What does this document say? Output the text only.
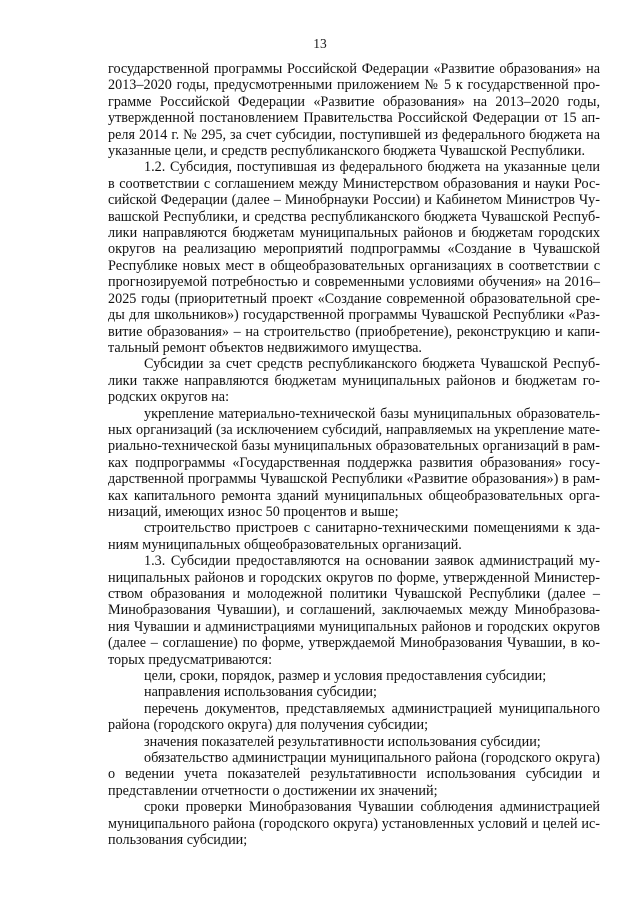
13

государственной программы Российской Федерации «Развитие образования» на 2013–2020 годы, предусмотренными приложением № 5 к государственной программе Российской Федерации «Развитие образования» на 2013–2020 годы, утвержденной постановлением Правительства Российской Федерации от 15 апреля 2014 г. № 295, за счет субсидии, поступившей из федерального бюджета на указанные цели, и средств республиканского бюджета Чувашской Республики.

1.2. Субсидия, поступившая из федерального бюджета на указанные цели в соответствии с соглашением между Министерством образования и науки Российской Федерации (далее – Минобрнауки России) и Кабинетом Министров Чувашской Республики, и средства республиканского бюджета Чувашской Республики направляются бюджетам муниципальных районов и бюджетам городских округов на реализацию мероприятий подпрограммы «Создание в Чувашской Республике новых мест в общеобразовательных организациях в соответствии с прогнозируемой потребностью и современными условиями обучения» на 2016–2025 годы (приоритетный проект «Создание современной образовательной среды для школьников») государственной программы Чувашской Республики «Развитие образования» – на строительство (приобретение), реконструкцию и капитальный ремонт объектов недвижимого имущества.

Субсидии за счет средств республиканского бюджета Чувашской Республики также направляются бюджетам муниципальных районов и бюджетам городских округов на:

укрепление материально-технической базы муниципальных образовательных организаций (за исключением субсидий, направляемых на укрепление материально-технической базы муниципальных образовательных организаций в рамках подпрограммы «Государственная поддержка развития образования» государственной программы Чувашской Республики «Развитие образования») в рамках капитального ремонта зданий муниципальных общеобразовательных организаций, имеющих износ 50 процентов и выше;

строительство пристроев с санитарно-техническими помещениями к зданиям муниципальных общеобразовательных организаций.

1.3. Субсидии предоставляются на основании заявок администраций муниципальных районов и городских округов по форме, утвержденной Министерством образования и молодежной политики Чувашской Республики (далее – Минобразования Чувашии), и соглашений, заключаемых между Минобразования Чувашии и администрациями муниципальных районов и городских округов (далее – соглашение) по форме, утверждаемой Минобразования Чувашии, в которых предусматриваются:

цели, сроки, порядок, размер и условия предоставления субсидии;

направления использования субсидии;

перечень документов, представляемых администрацией муниципального района (городского округа) для получения субсидии;

значения показателей результативности использования субсидии;

обязательство администрации муниципального района (городского округа) о ведении учета показателей результативности использования субсидии и представлении отчетности о достижении их значений;

сроки проверки Минобразования Чувашии соблюдения администрацией муниципального района (городского округа) установленных условий и целей использования субсидии;
